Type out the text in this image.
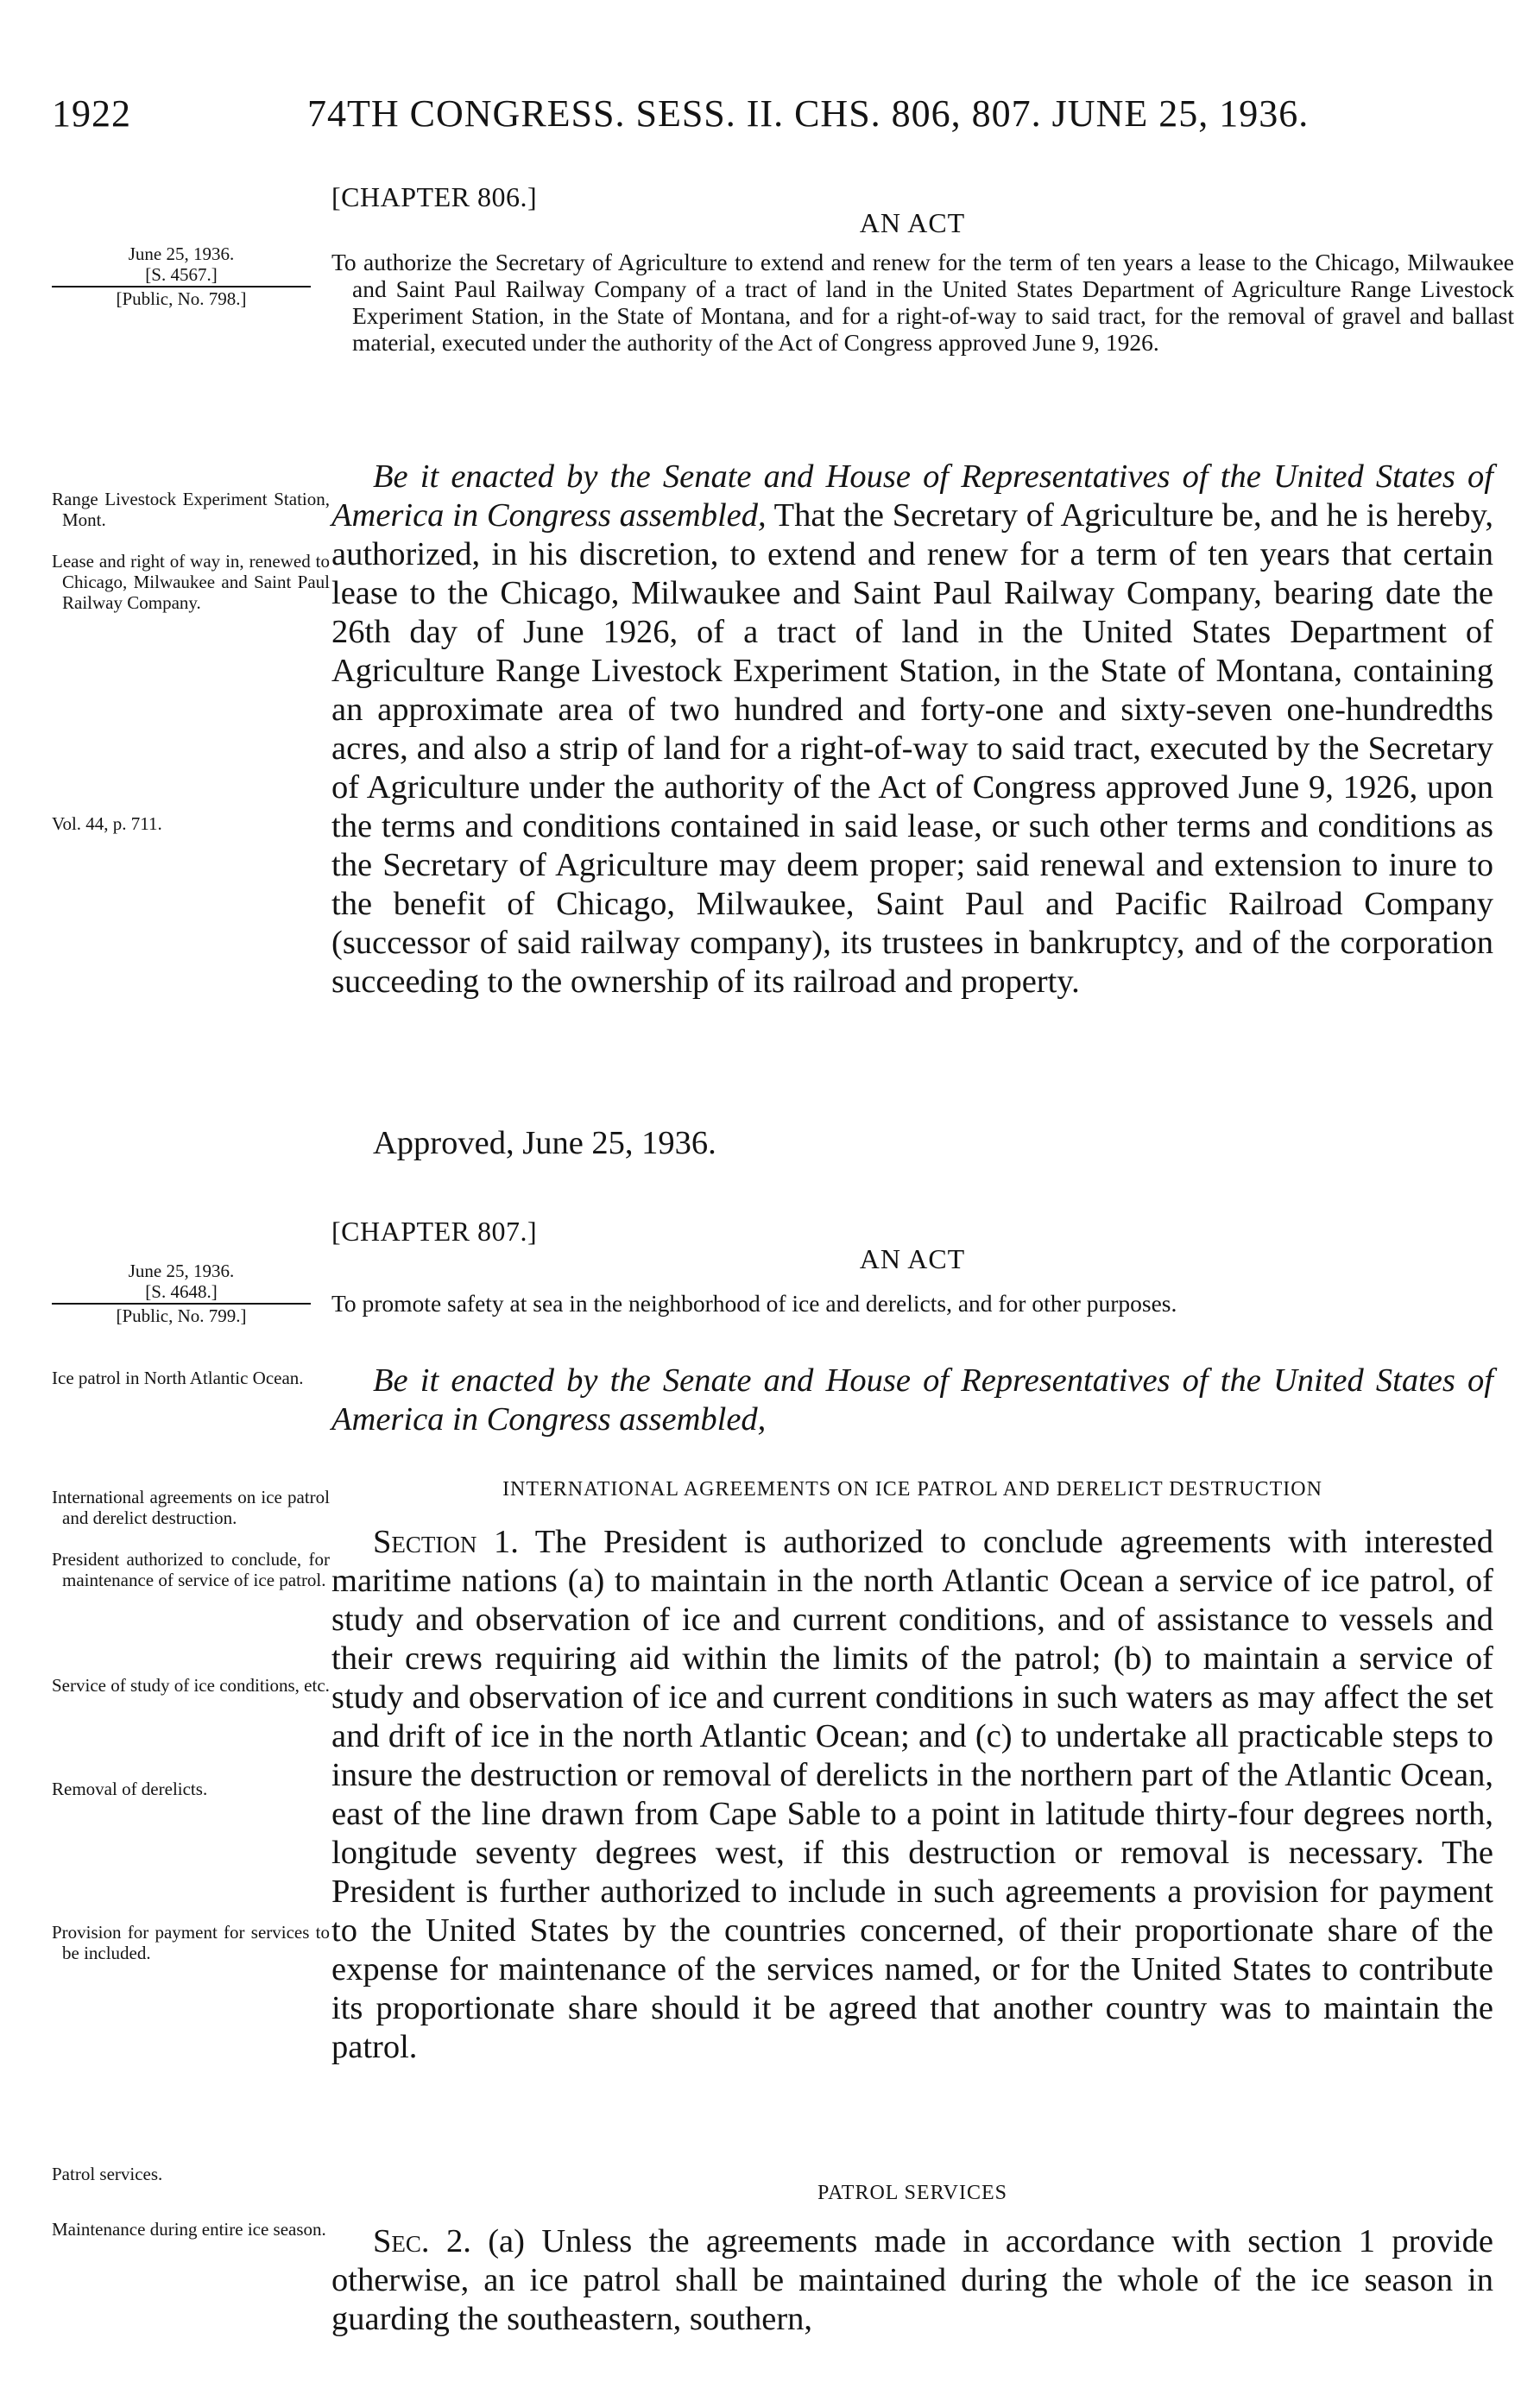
1922	74TH CONGRESS. SESS. II. CHS. 806, 807. JUNE 25, 1936.
[CHAPTER 806.]
AN ACT
June 25, 1936.
[S. 4567.]
[Public, No. 798.]
To authorize the Secretary of Agriculture to extend and renew for the term of ten years a lease to the Chicago, Milwaukee and Saint Paul Railway Company of a tract of land in the United States Department of Agriculture Range Livestock Experiment Station, in the State of Montana, and for a right-of-way to said tract, for the removal of gravel and ballast material, executed under the authority of the Act of Congress approved June 9, 1926.
Be it enacted by the Senate and House of Representatives of the United States of America in Congress assembled, That the Secretary of Agriculture be, and he is hereby, authorized, in his discretion, to extend and renew for a term of ten years that certain lease to the Chicago, Milwaukee and Saint Paul Railway Company, bearing date the 26th day of June 1926, of a tract of land in the United States Department of Agriculture Range Livestock Experiment Station, in the State of Montana, containing an approximate area of two hundred and forty-one and sixty-seven one-hundredths acres, and also a strip of land for a right-of-way to said tract, executed by the Secretary of Agriculture under the authority of the Act of Congress approved June 9, 1926, upon the terms and conditions contained in said lease, or such other terms and conditions as the Secretary of Agriculture may deem proper; said renewal and extension to inure to the benefit of Chicago, Milwaukee, Saint Paul and Pacific Railroad Company (successor of said railway company), its trustees in bankruptcy, and of the corporation succeeding to the ownership of its railroad and property.
Approved, June 25, 1936.
Range Livestock Experiment Station, Mont.
Lease and right of way in, renewed to Chicago, Milwaukee and Saint Paul Railway Company.
Vol. 44, p. 711.
[CHAPTER 807.]
AN ACT
June 25, 1936.
[S. 4648.]
[Public, No. 799.]	To promote safety at sea in the neighborhood of ice and derelicts, and for other purposes.
Be it enacted by the Senate and House of Representatives of the United States of America in Congress assembled,
INTERNATIONAL AGREEMENTS ON ICE PATROL AND DERELICT DESTRUCTION
Section 1. The President is authorized to conclude agreements with interested maritime nations (a) to maintain in the north Atlantic Ocean a service of ice patrol, of study and observation of ice and current conditions, and of assistance to vessels and their crews requiring aid within the limits of the patrol; (b) to maintain a service of study and observation of ice and current conditions in such waters as may affect the set and drift of ice in the north Atlantic Ocean; and (c) to undertake all practicable steps to insure the destruction or removal of derelicts in the northern part of the Atlantic Ocean, east of the line drawn from Cape Sable to a point in latitude thirty-four degrees north, longitude seventy degrees west, if this destruction or removal is necessary. The President is further authorized to include in such agreements a provision for payment to the United States by the countries concerned, of their proportionate share of the expense for maintenance of the services named, or for the United States to contribute its proportionate share should it be agreed that another country was to maintain the patrol.
PATROL SERVICES
Sec. 2. (a) Unless the agreements made in accordance with section 1 provide otherwise, an ice patrol shall be maintained during the whole of the ice season in guarding the southeastern, southern,
Ice patrol in North Atlantic Ocean.
International agreements on ice patrol and derelict destruction.
President authorized to conclude, for maintenance of service of ice patrol.
Service of study of ice conditions, etc.
Removal of derelicts.
Provision for payment for services to be included.
Patrol services.
Maintenance during entire ice season.
